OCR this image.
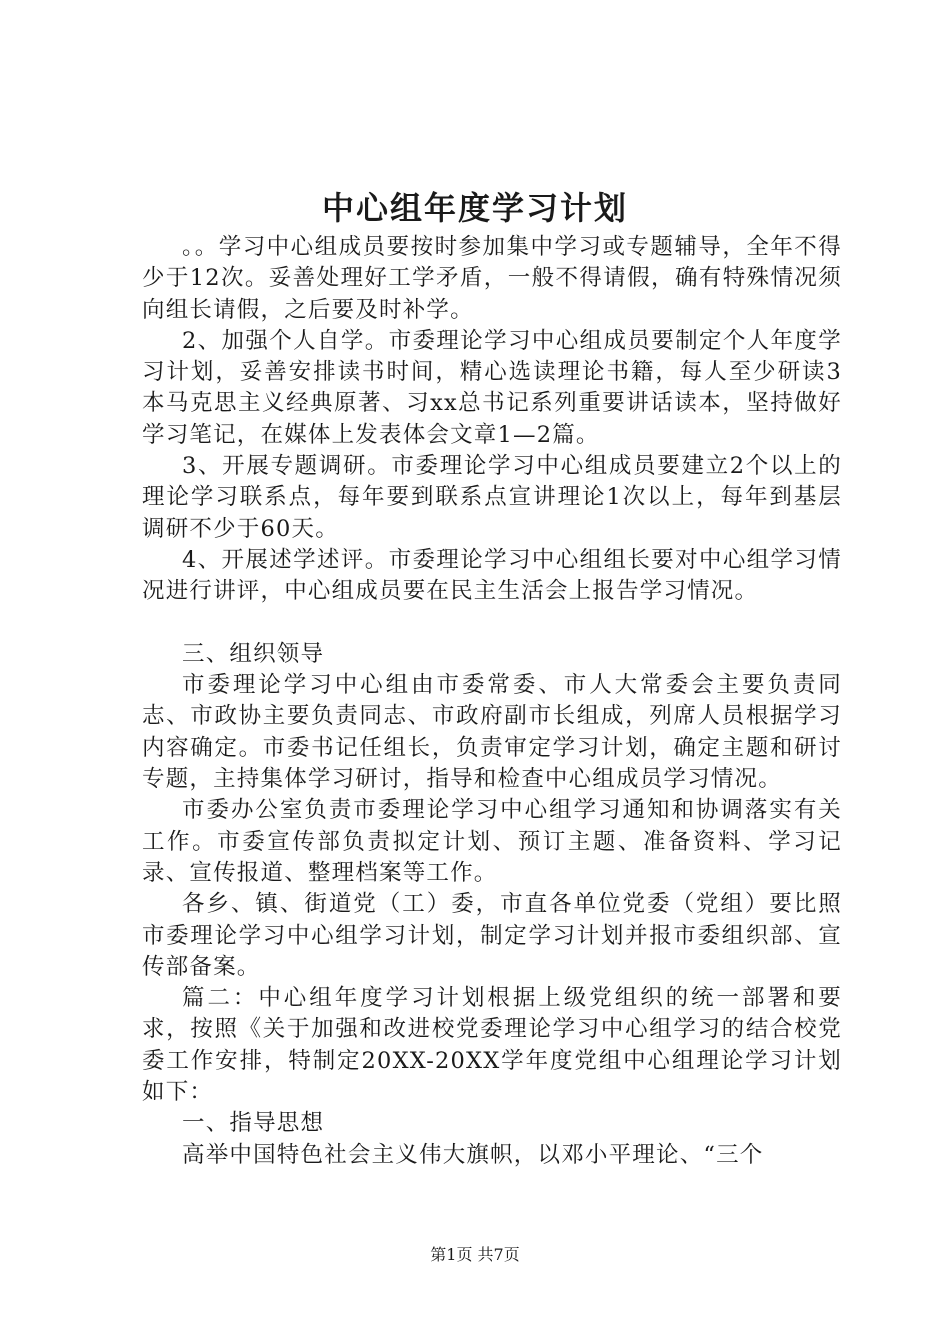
中心组年度学习计划

。。学习中心组成员要按时参加集中学习或专题辅导，全年不得少于12次。妥善处理好工学矛盾，一般不得请假，确有特殊情况须向组长请假，之后要及时补学。

2、加强个人自学。市委理论学习中心组成员要制定个人年度学习计划，妥善安排读书时间，精心选读理论书籍，每人至少研读3本马克思主义经典原著、习xx总书记系列重要讲话读本，坚持做好学习笔记，在媒体上发表体会文章1—2篇。

3、开展专题调研。市委理论学习中心组成员要建立2个以上的理论学习联系点，每年要到联系点宣讲理论1次以上，每年到基层调研不少于60天。

4、开展述学述评。市委理论学习中心组组长要对中心组学习情况进行讲评，中心组成员要在民主生活会上报告学习情况。

三、组织领导

市委理论学习中心组由市委常委、市人大常委会主要负责同志、市政协主要负责同志、市政府副市长组成，列席人员根据学习内容确定。市委书记任组长，负责审定学习计划，确定主题和研讨专题，主持集体学习研讨，指导和检查中心组成员学习情况。

市委办公室负责市委理论学习中心组学习通知和协调落实有关工作。市委宣传部负责拟定计划、预订主题、准备资料、学习记录、宣传报道、整理档案等工作。

各乡、镇、街道党（工）委，市直各单位党委（党组）要比照市委理论学习中心组学习计划，制定学习计划并报市委组织部、宣传部备案。

篇二：中心组年度学习计划根据上级党组织的统一部署和要求，按照《关于加强和改进校党委理论学习中心组学习的结合校党委工作安排，特制定20XX-20XX学年度党组中心组理论学习计划如下：

一、指导思想

高举中国特色社会主义伟大旗帜，以邓小平理论、“三个

第1页 共7页
